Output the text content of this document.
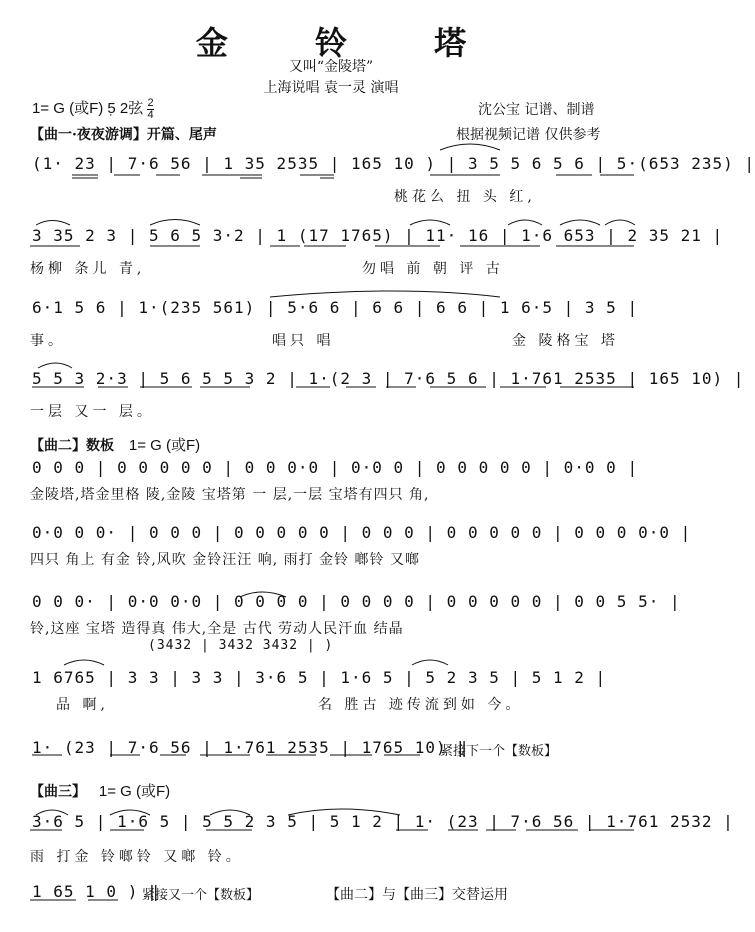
金 铃 塔
又叫“金陵塔”
上海说唱 袁一灵 演唱
1= G (或F) 5̣ 2弦 $\frac{2}{4}$	沈公宝 记谱、制谱
【曲一·夜夜游调】开篇、尾声	根据视频记谱 仅供参考
(1· 23 | 7·6 56 | 1 35 2535 | 165 10 ) | 3 5 5 6 5 6 | 5·(653 235) |
桃花么 扭 头 红,
3 35 2 3 | 5 6 5 3·2 | 1 (17 1765) | 11· 16 | 1·6 653 | 2 35 21 |
杨柳 条儿 青,	勿唱 前 朝 评 古
6·1 5 6 | 1·(235 561) | 5·6 6 | 6 6 | 6 6 | 1 6·5 | 3 5 |
事。	唱只 唱	金 陵格宝 塔
5 5 3 2·3 | 5 6 5 5 3 2 | 1·(2 3 | 7·6 5 6 | 1·761 2535 | 165 10) |
一层 又一 层。
【曲二】数板 1= G (或F)
0 0 0 | 0 0 0 0 0 | 0 0 0·0 | 0·0 0 | 0 0 0 0 0 | 0·0 0 |
金陵塔,塔金里格 陵,金陵 宝塔第 一 层,一层 宝塔有四只 角,
0·0 0 0· | 0 0 0 | 0 0 0 0 0 | 0 0 0 | 0 0 0 0 0 | 0 0 0 0·0 |
四只 角上 有金 铃,风吹 金铃汪汪 响, 雨打 金铃 啷铃 又啷
0 0 0· | 0·0 0·0 | 0 0 0 0 | 0 0 0 0 | 0 0 0 0 0 | 0 0 5 5· |
铃,这座 宝塔 造得真 伟大,全是 古代 劳动人民汗血 结晶
(3432 | 3432 3432 | )
1 6765 | 3 3 | 3 3 | 3·6 5 | 1·6 5 | 5 2 3 5 | 5 1 2 |
品 啊,	名 胜古 迹传流到如 今。
1· (23 | 7·6 56 | 1·761 2535 | 1765 10) ‖
紧接下一个【数板】
【曲三】 1= G (或F)
3·6 5 | 1·6 5 | 5 5 2 3 5 | 5 1 2 | 1· (23 | 7·6 56 | 1·761 2532 |
雨 打金 铃啷铃 又啷 铃。
1 65 1 0 ) ‖
紧接又一个【数板】	【曲二】与【曲三】交替运用
